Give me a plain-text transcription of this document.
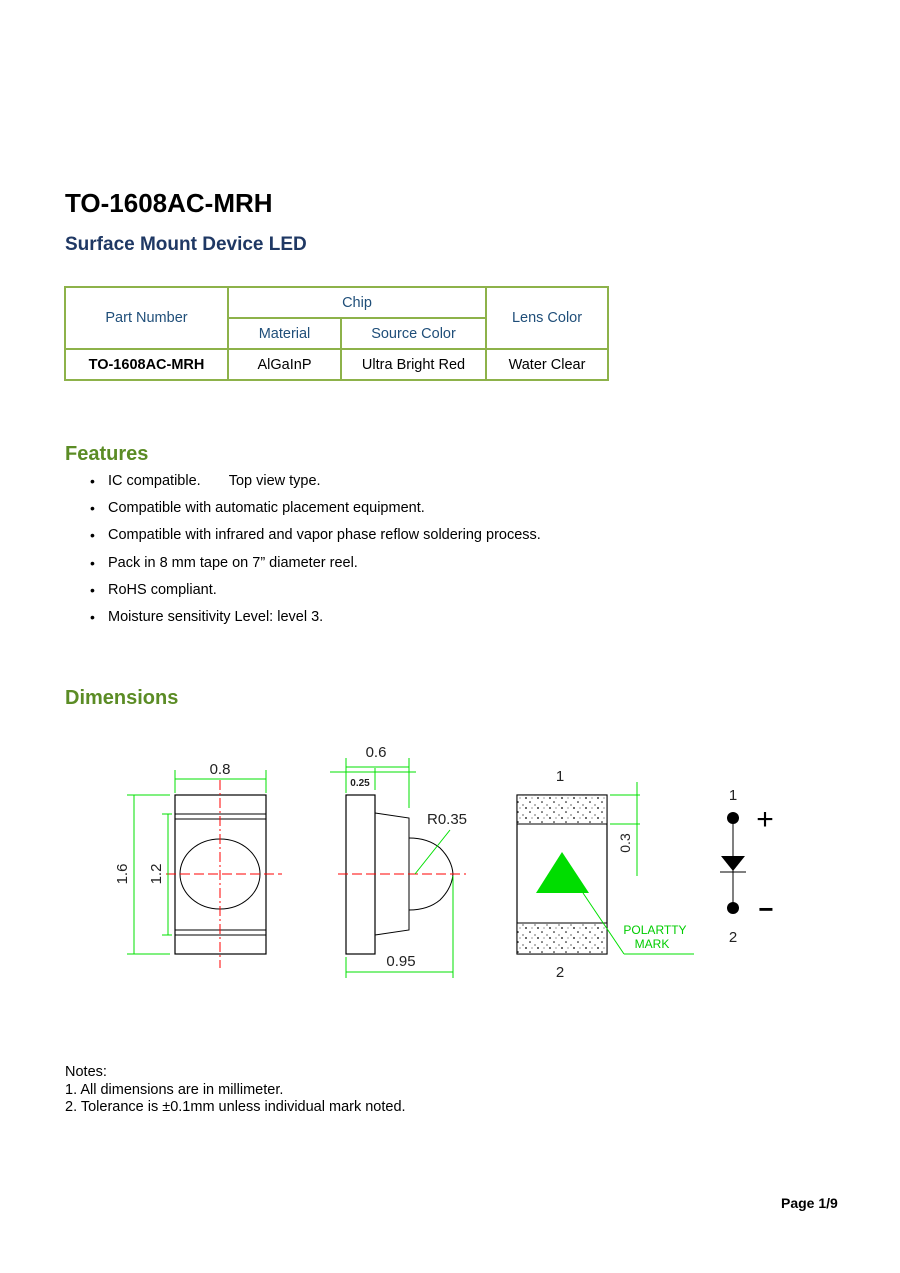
TO-1608AC-MRH
Surface Mount Device LED
Part Number	Chip		Lens Color
	Material	Source Color	
TO-1608AC-MRH	AlGaInP	Ultra Bright Red	Water Clear
Features
• IC compatible. Top view type.
• Compatible with automatic placement equipment.
• Compatible with infrared and vapor phase reflow soldering process.
• Pack in 8 mm tape on 7” diameter reel.
• RoHS compliant.
• Moisture sensitivity Level: level 3.
Dimensions
0.8
1.6 1.2
0.6
0.25
R0.35
0.95
1
2
0.3
POLARTTY
MARK
1
2
+
−
Notes:
1. All dimensions are in millimeter.
2. Tolerance is ±0.1mm unless individual mark noted.
Page 1/9
